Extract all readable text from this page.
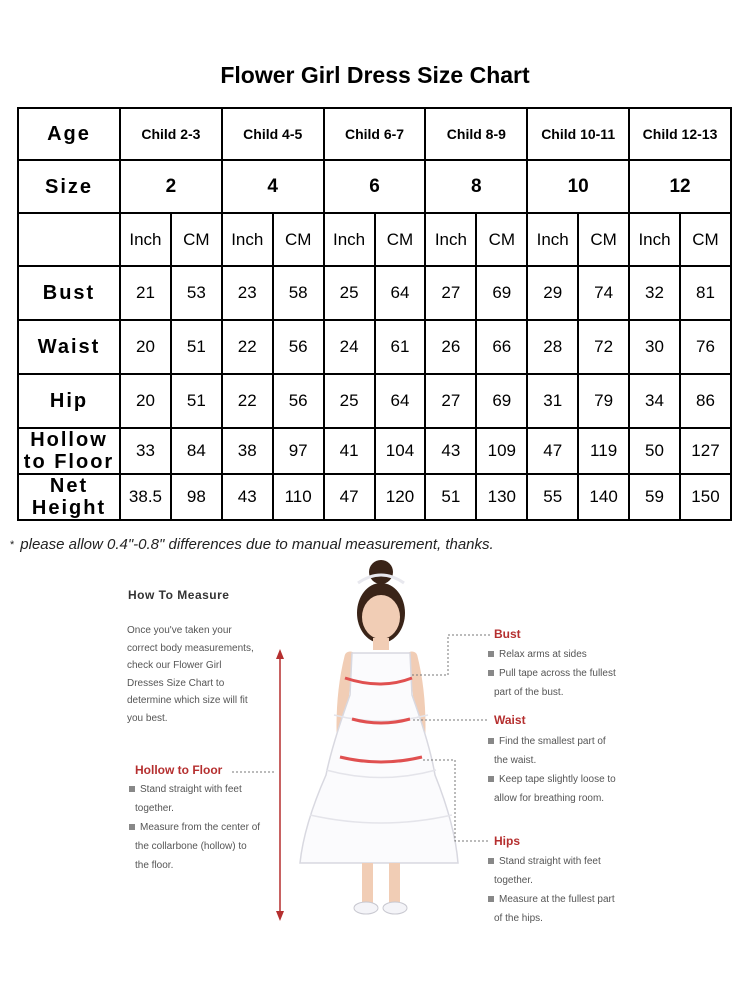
Flower Girl Dress Size Chart
Age	Child 2-3		Child 4-5		Child 6-7		Child 8-9		Child 10-11		Child 12-13	
Size	2		4		6		8		10		12	
	Inch	CM	Inch	CM	Inch	CM	Inch	CM	Inch	CM	Inch	CM

Bust	21	53	23	58	25	64	27	69	29	74	32	81

Waist	20	51	22	56	24	61	26	66	28	72	30	76

Hip	20	51	22	56	25	64	27	69	31	79	34	86

Hollow
to Floor	33	84	38	97	41	104	43	109	47	119	50	127

Net
Height	38.5	98	43	110	47	120	51	130	55	140	59	150
* please allow 0.4"-0.8" differences due to manual measurement, thanks.
How To Measure
Once you've taken your
correct body measurements,
check our Flower Girl
Dresses Size Chart to
determine which size will fit
you best.
Bust
Relax arms at sides
Pull tape across the fullest
part of the bust.
Waist
Find the smallest part of
the waist.
Keep tape slightly loose to
allow for breathing room.
Hollow to Floor
Stand straight with feet
together.
Measure from the center of
the collarbone (hollow) to
the floor.
Hips
Stand straight with feet
together.
Measure at the fullest part
of the hips.
